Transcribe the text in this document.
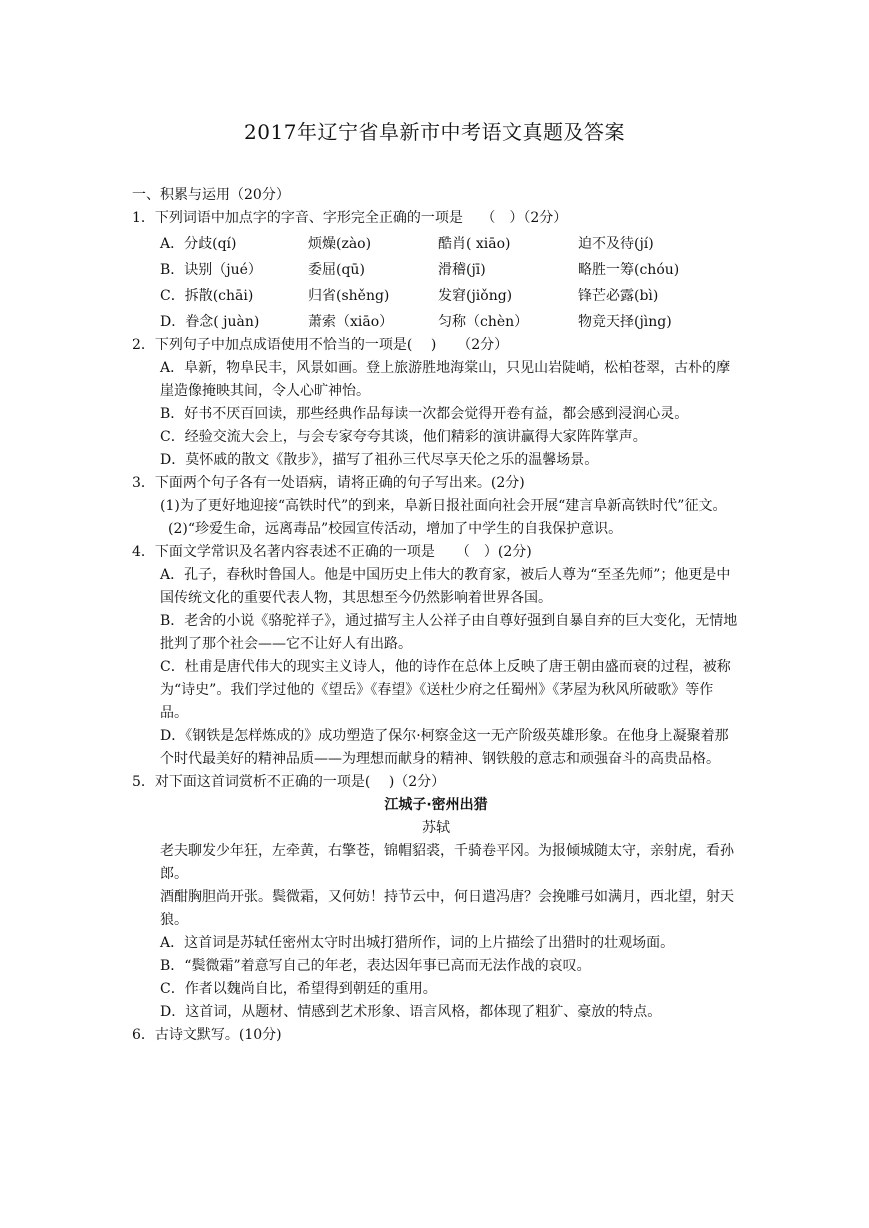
2017年辽宁省阜新市中考语文真题及答案
一、积累与运用（20分）
1．下列词语中加点字的字音、字形完全正确的一项是　 （　）（2分）
A．分歧(qí)	烦燥(zào)	酷肖( xiāo)	迫不及待(jí)
B．诀别（jué）	委屈(qū)	滑稽(jī)	略胜一筹(chóu)
C．拆散(chāi)	归省(shěng)	发窘(jiǒng)	锋芒必露(bì)
D．眷念( juàn)	萧索（xiāo）	匀称（chèn）	物竞天择(jìng)
2．下列句子中加点成语使用不恰当的一项是(　 )　　（2分）
A．阜新，物阜民丰，风景如画。登上旅游胜地海棠山，只见山岩陡峭，松柏苍翠，古朴的摩崖造像掩映其间，令人心旷神怡。
B．好书不厌百回读，那些经典作品每读一次都会觉得开卷有益，都会感到浸润心灵。
C．经验交流大会上，与会专家夸夸其谈，他们精彩的演讲赢得大家阵阵掌声。
D．莫怀戚的散文《散步》，描写了祖孙三代尽享天伦之乐的温馨场景。
3．下面两个句子各有一处语病，请将正确的句子写出来。(2分)
(1)为了更好地迎接“高铁时代”的到来，阜新日报社面向社会开展“建言阜新高铁时代”征文。
(2)“珍爱生命，远离毒品”校园宣传活动，增加了中学生的自我保护意识。
4．下面文学常识及名著内容表述不正确的一项是　　（　）(2分)
A．孔子，春秋时鲁国人。他是中国历史上伟大的教育家，被后人尊为“至圣先师”；他更是中国传统文化的重要代表人物，其思想至今仍然影响着世界各国。
B．老舍的小说《骆驼祥子》，通过描写主人公祥子由自尊好强到自暴自弃的巨大变化，无情地批判了那个社会——它不让好人有出路。
C．杜甫是唐代伟大的现实主义诗人，他的诗作在总体上反映了唐王朝由盛而衰的过程，被称为“诗史”。我们学过他的《望岳》《春望》《送杜少府之任蜀州》《茅屋为秋风所破歌》等作品。
D．《钢铁是怎样炼成的》成功塑造了保尔·柯察金这一无产阶级英雄形象。在他身上凝聚着那个时代最美好的精神品质——为理想而献身的精神、钢铁般的意志和顽强奋斗的高贵品格。
5．对下面这首词赏析不正确的一项是(　 )（2分）
江城子·密州出猎
苏轼
老夫聊发少年狂，左牵黄，右擎苍，锦帽貂裘，千骑卷平冈。为报倾城随太守，亲射虎，看孙郎。
酒酣胸胆尚开张。鬓微霜，又何妨！持节云中，何日遣冯唐？会挽雕弓如满月，西北望，射天狼。
A．这首词是苏轼任密州太守时出城打猎所作，词的上片描绘了出猎时的壮观场面。
B．“鬓微霜”着意写自己的年老，表达因年事已高而无法作战的哀叹。
C．作者以魏尚自比，希望得到朝廷的重用。
D．这首词，从题材、情感到艺术形象、语言风格，都体现了粗犷、豪放的特点。
6．古诗文默写。(10分)
